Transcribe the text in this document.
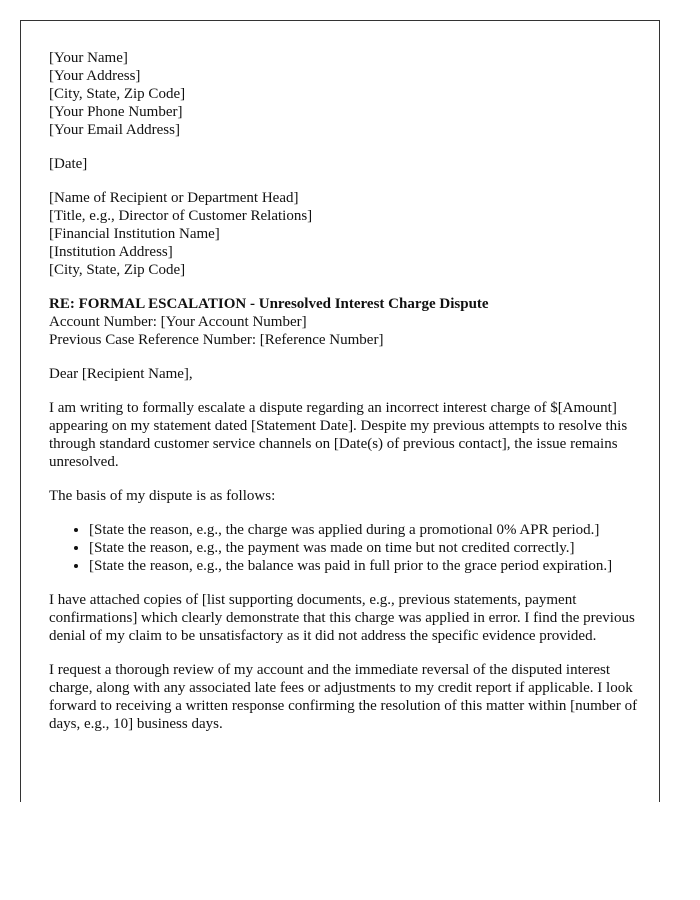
[Your Name]
[Your Address]
[City, State, Zip Code]
[Your Phone Number]
[Your Email Address]
[Date]
[Name of Recipient or Department Head]
[Title, e.g., Director of Customer Relations]
[Financial Institution Name]
[Institution Address]
[City, State, Zip Code]
RE: FORMAL ESCALATION - Unresolved Interest Charge Dispute
Account Number: [Your Account Number]
Previous Case Reference Number: [Reference Number]

Dear [Recipient Name],

I am writing to formally escalate a dispute regarding an incorrect interest charge of $[Amount] appearing on my statement dated [Statement Date]. Despite my previous attempts to resolve this through standard customer service channels on [Date(s) of previous contact], the issue remains unresolved.

The basis of my dispute is as follows:

• [State the reason, e.g., the charge was applied during a promotional 0% APR period.]
• [State the reason, e.g., the payment was made on time but not credited correctly.]
• [State the reason, e.g., the balance was paid in full prior to the grace period expiration.]

I have attached copies of [list supporting documents, e.g., previous statements, payment confirmations] which clearly demonstrate that this charge was applied in error. I find the previous denial of my claim to be unsatisfactory as it did not address the specific evidence provided.

I request a thorough review of my account and the immediate reversal of the disputed interest charge, along with any associated late fees or adjustments to my credit report if applicable. I look forward to receiving a written response confirming the resolution of this matter within [number of days, e.g., 10] business days.
